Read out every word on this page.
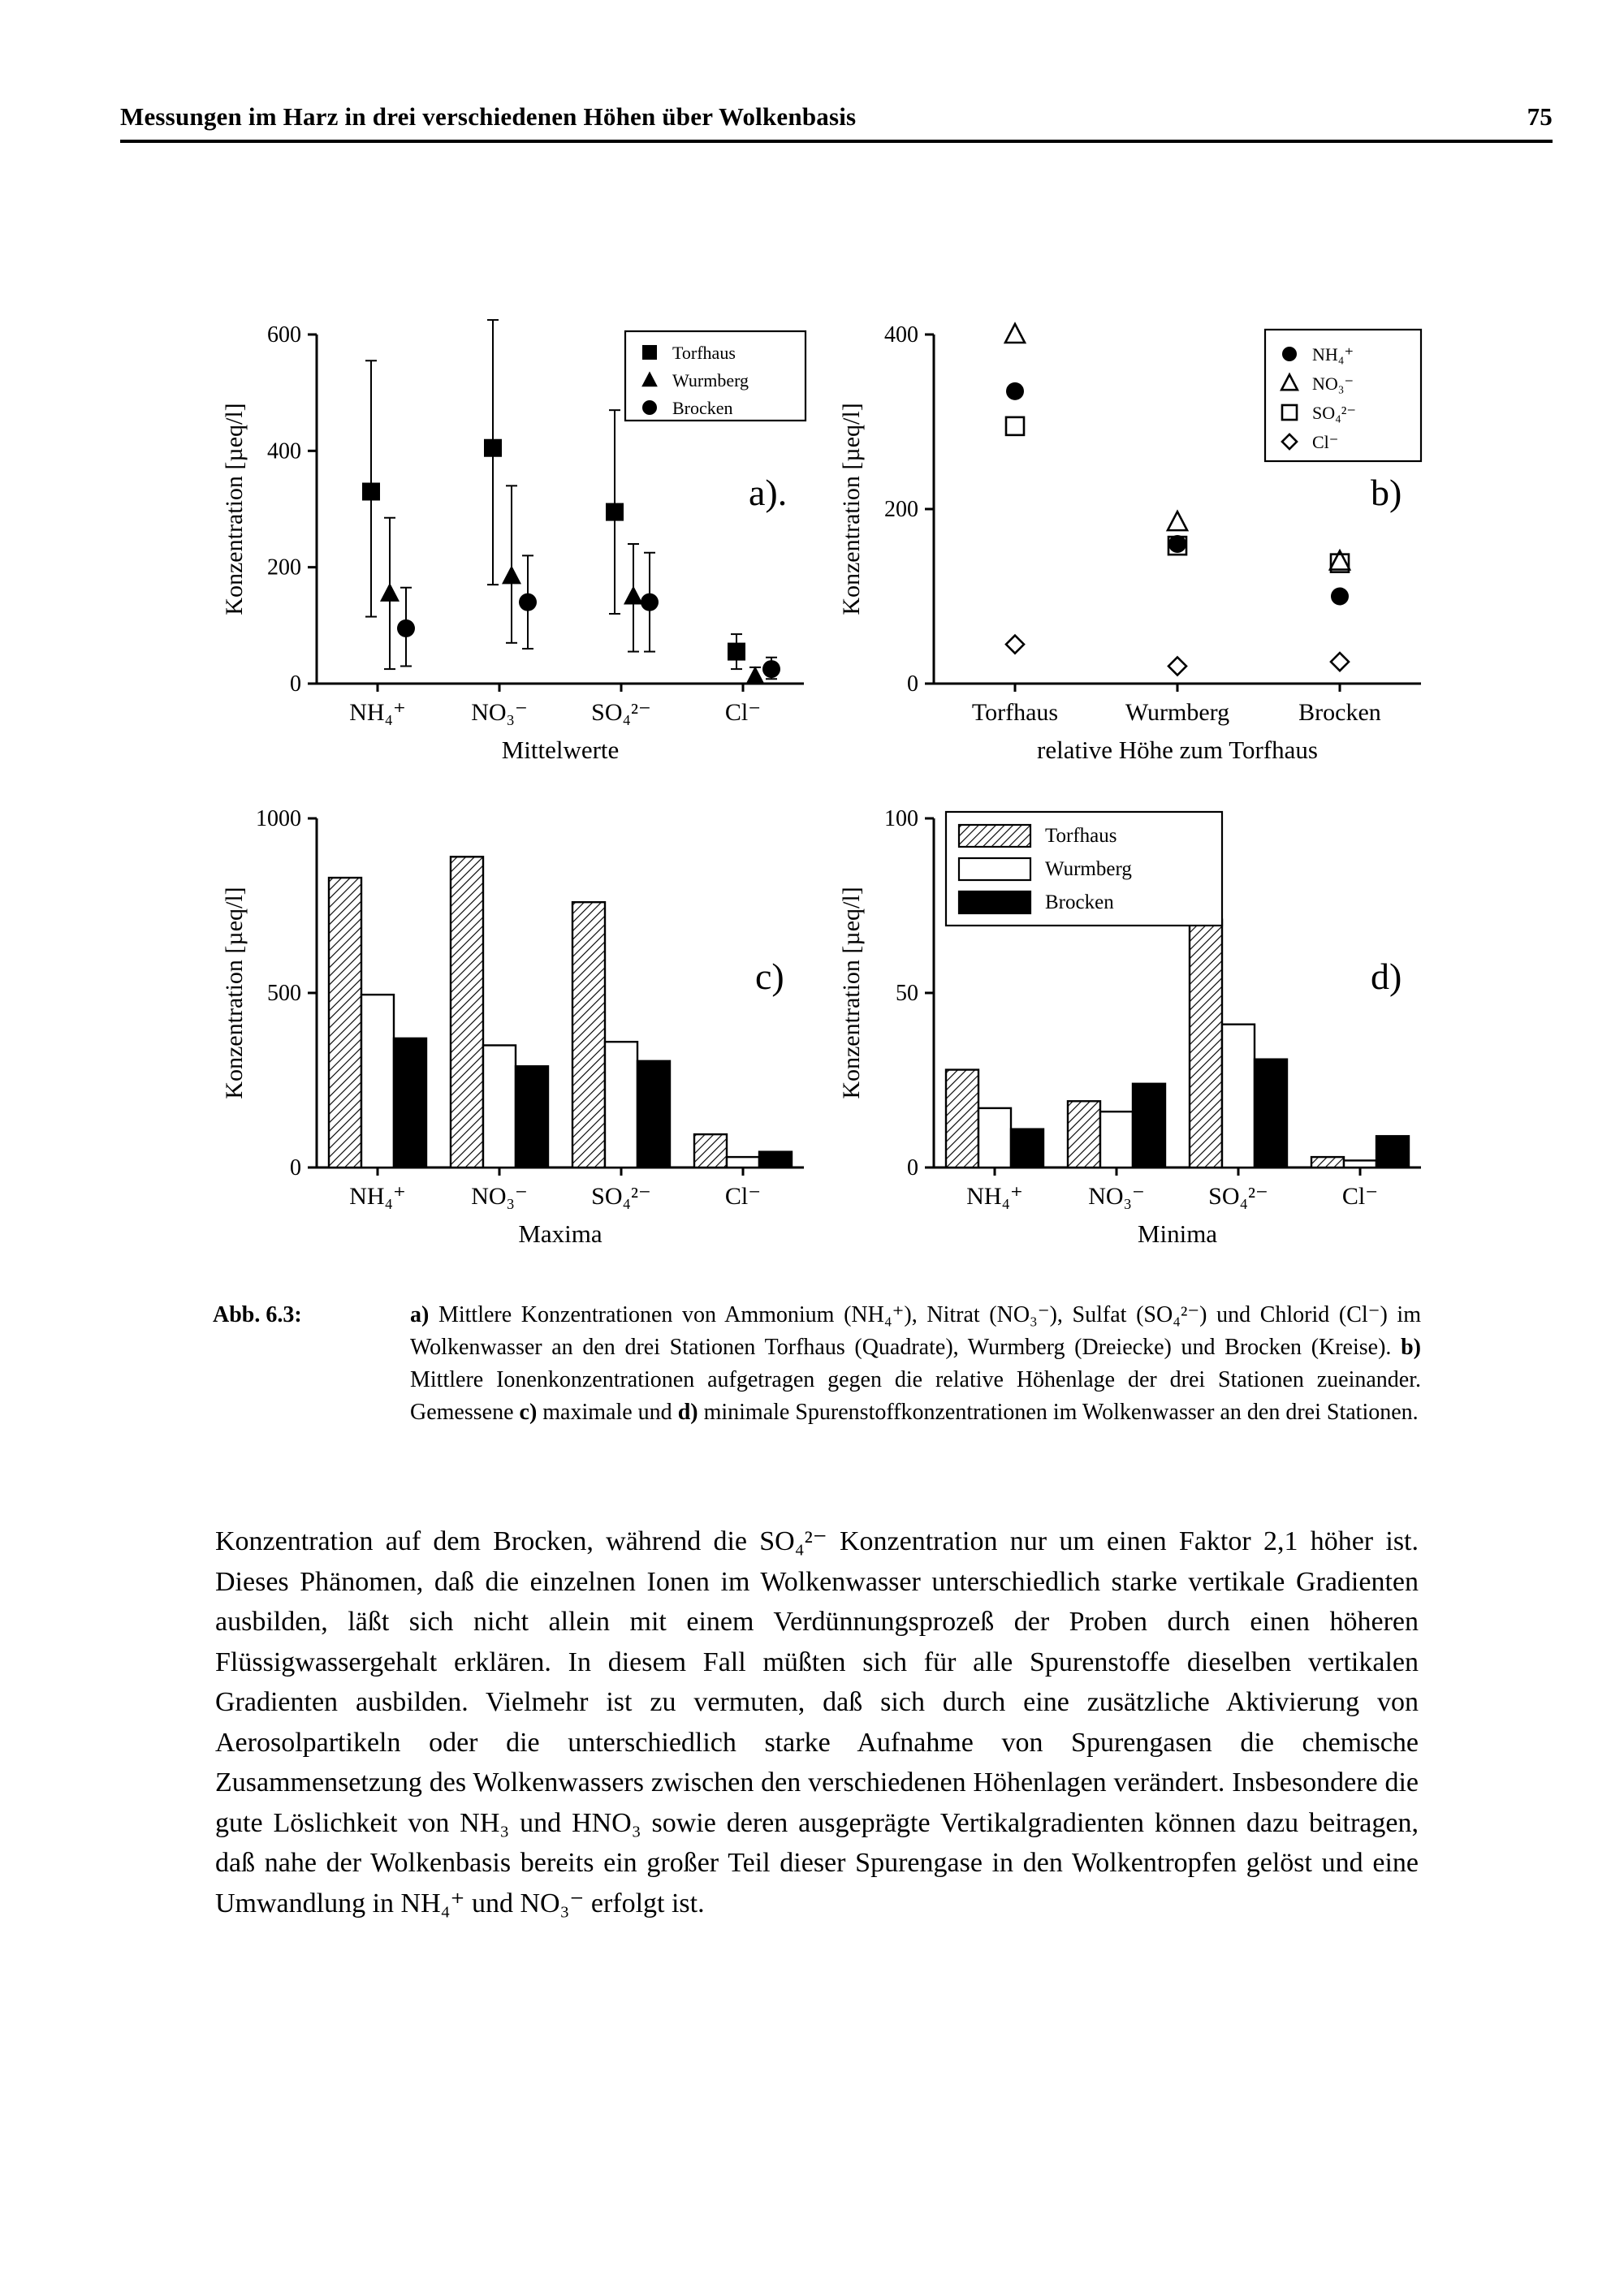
Messungen im Harz in drei verschiedenen Höhen über Wolkenbasis	75
0
200
400
600
NH₄⁺	NO₃⁻	SO₄²⁻	Cl⁻
Konzentration [µeq/l]
Mittelwerte
Torfhaus
Wurmberg
Brocken
a).
0
200
400
Torfhaus	Wurmberg	Brocken
Konzentration [µeq/l]
relative Höhe zum Torfhaus
NH₄⁺
NO₃⁻
SO₄²⁻
Cl⁻
b)
0
500
1000
NH₄⁺	NO₃⁻	SO₄²⁻	Cl⁻
Konzentration [µeq/l]
Maxima
c)
0
50
100
NH₄⁺	NO₃⁻	SO₄²⁻	Cl⁻
Konzentration [µeq/l]
Minima
Torfhaus
Wurmberg
Brocken
d)
Abb. 6.3:	a) Mittlere Konzentrationen von Ammonium (NH₄⁺), Nitrat (NO₃⁻), Sulfat (SO₄²⁻) und Chlorid (Cl⁻) im Wolkenwasser an den drei Stationen Torfhaus (Quadrate), Wurmberg (Dreiecke) und Brocken (Kreise). b) Mittlere Ionenkonzentrationen aufgetragen gegen die relative Höhenlage der drei Stationen zueinander. Gemessene c) maximale und d) minimale Spurenstoffkonzentrationen im Wolkenwasser an den drei Stationen.

Konzentration auf dem Brocken, während die SO₄²⁻ Konzentration nur um einen Faktor 2,1 höher ist. Dieses Phänomen, daß die einzelnen Ionen im Wolkenwasser unterschiedlich starke vertikale Gradienten ausbilden, läßt sich nicht allein mit einem Verdünnungsprozeß der Proben durch einen höheren Flüssigwassergehalt erklären. In diesem Fall müßten sich für alle Spurenstoffe dieselben vertikalen Gradienten ausbilden. Vielmehr ist zu vermuten, daß sich durch eine zusätzliche Aktivierung von Aerosolpartikeln oder die unterschiedlich starke Aufnahme von Spurengasen die chemische Zusammensetzung des Wolkenwassers zwischen den verschiedenen Höhenlagen verändert. Insbesondere die gute Löslichkeit von NH₃ und HNO₃ sowie deren ausgeprägte Vertikalgradienten können dazu beitragen, daß nahe der Wolkenbasis bereits ein großer Teil dieser Spurengase in den Wolkentropfen gelöst und eine Umwandlung in NH₄⁺ und NO₃⁻ erfolgt ist.
